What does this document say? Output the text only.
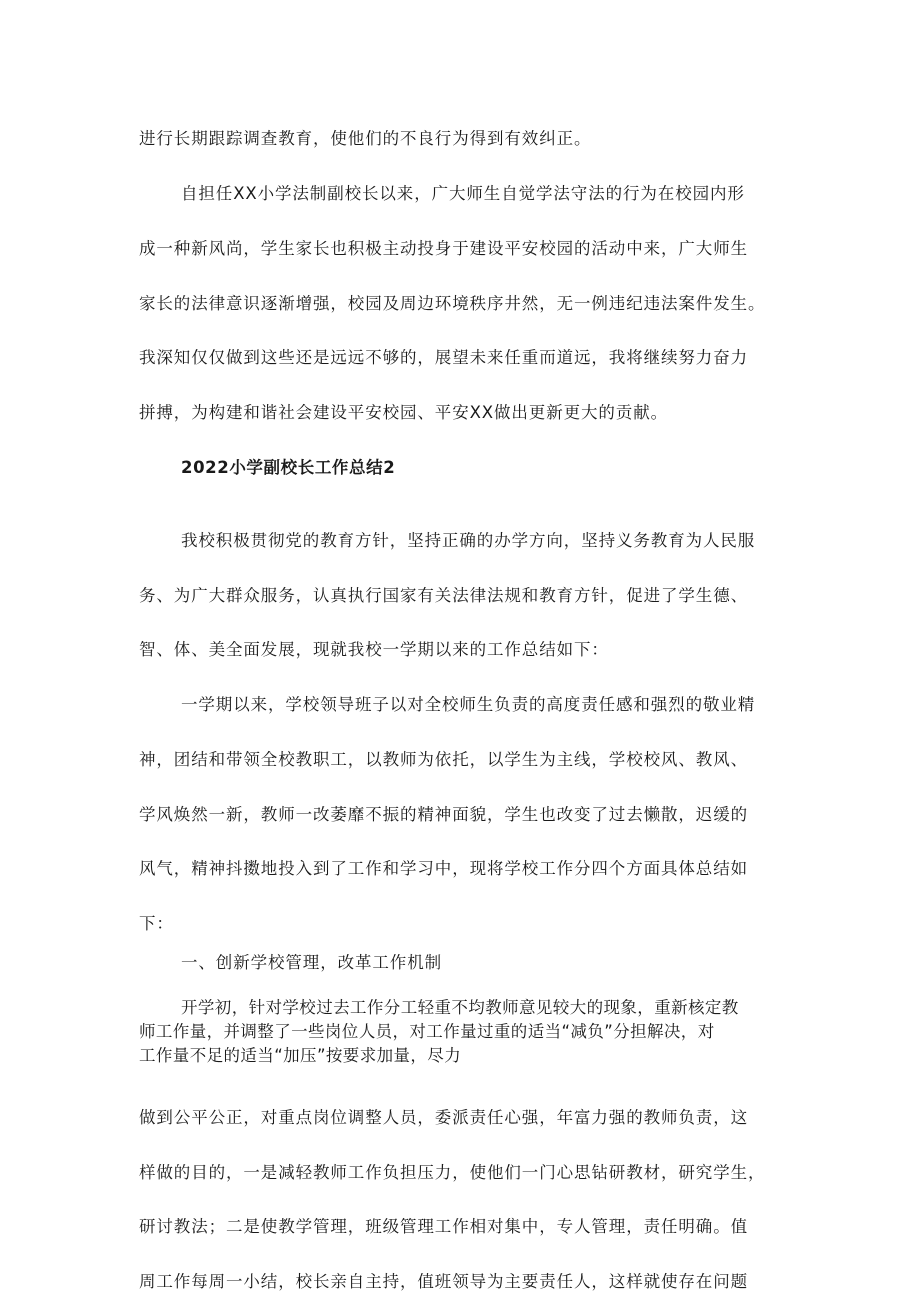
进行长期跟踪调查教育，使他们的不良行为得到有效纠正。
自担任XX小学法制副校长以来，广大师生自觉学法守法的行为在校园内形
成一种新风尚，学生家长也积极主动投身于建设平安校园的活动中来，广大师生
家长的法律意识逐渐增强，校园及周边环境秩序井然，无一例违纪违法案件发生。
我深知仅仅做到这些还是远远不够的，展望未来任重而道远，我将继续努力奋力
拼搏，为构建和谐社会建设平安校园、平安XX做出更新更大的贡献。
2022小学副校长工作总结2
我校积极贯彻党的教育方针，坚持正确的办学方向，坚持义务教育为人民服
务、为广大群众服务，认真执行国家有关法律法规和教育方针，促进了学生德、
智、体、美全面发展，现就我校一学期以来的工作总结如下：
一学期以来，学校领导班子以对全校师生负责的高度责任感和强烈的敬业精
神，团结和带领全校教职工，以教师为依托，以学生为主线，学校校风、教风、
学风焕然一新，教师一改萎靡不振的精神面貌，学生也改变了过去懒散，迟缓的
风气，精神抖擞地投入到了工作和学习中，现将学校工作分四个方面具体总结如
下：
一、创新学校管理，改革工作机制
开学初，针对学校过去工作分工轻重不均教师意见较大的现象，重新核定教
师工作量，并调整了一些岗位人员，对工作量过重的适当“减负”分担解决，对
工作量不足的适当“加压”按要求加量，尽力
做到公平公正，对重点岗位调整人员，委派责任心强，年富力强的教师负责，这
样做的目的，一是减轻教师工作负担压力，使他们一门心思钻研教材，研究学生，
研讨教法；二是使教学管理，班级管理工作相对集中，专人管理，责任明确。值
周工作每周一小结，校长亲自主持，值班领导为主要责任人，这样就使存在问题
